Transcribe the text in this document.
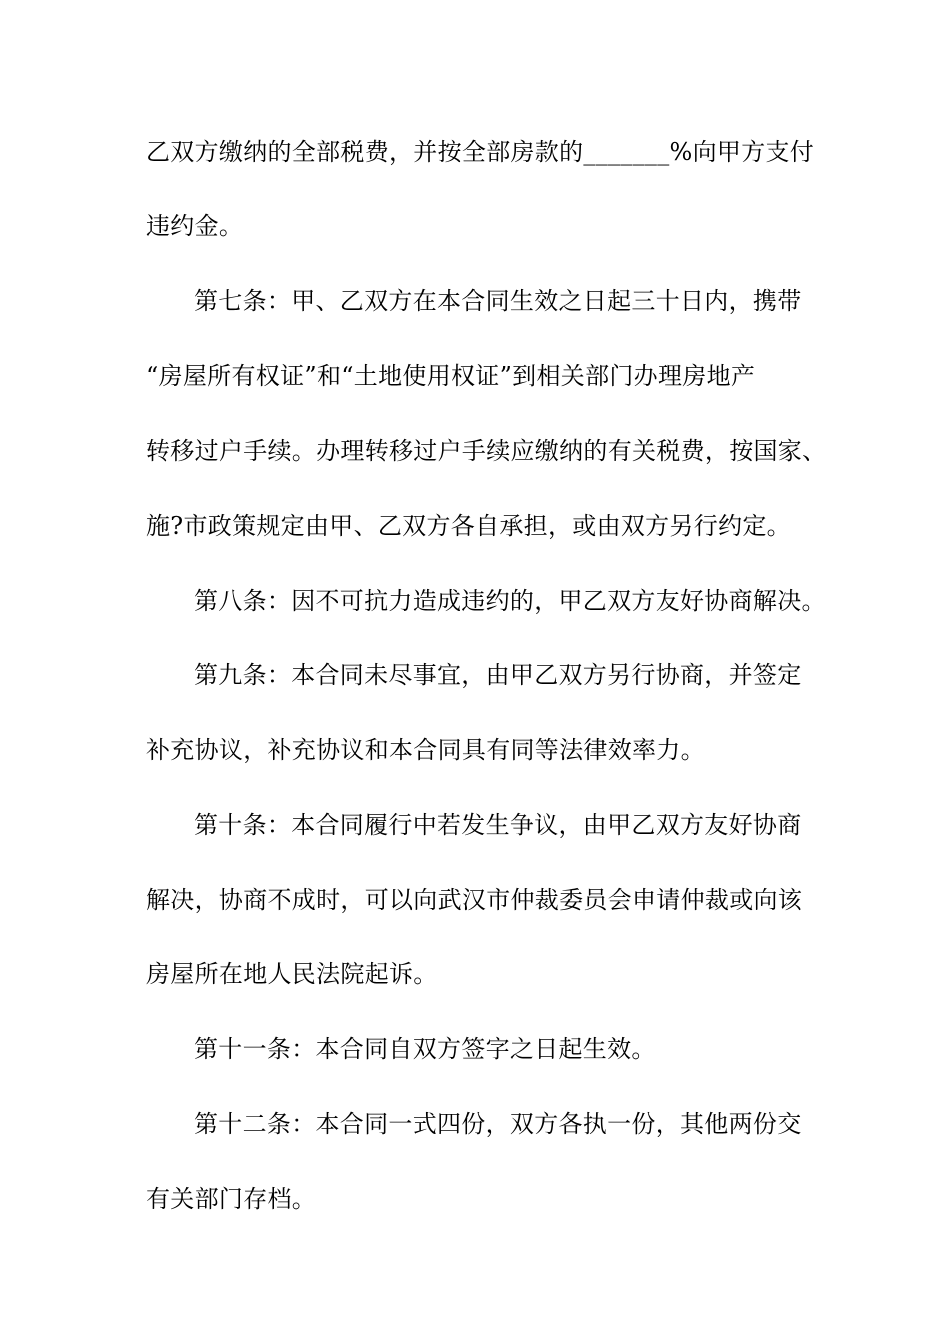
乙双方缴纳的全部税费，并按全部房款的_______%向甲方支付
违约金。
第七条：甲、乙双方在本合同生效之日起三十日内，携带
“房屋所有权证”和“土地使用权证”到相关部门办理房地产
转移过户手续。办理转移过户手续应缴纳的有关税费，按国家、
施?市政策规定由甲、乙双方各自承担，或由双方另行约定。
第八条：因不可抗力造成违约的，甲乙双方友好协商解决。
第九条：本合同未尽事宜，由甲乙双方另行协商，并签定
补充协议，补充协议和本合同具有同等法律效率力。
第十条：本合同履行中若发生争议，由甲乙双方友好协商
解决，协商不成时，可以向武汉市仲裁委员会申请仲裁或向该
房屋所在地人民法院起诉。
第十一条：本合同自双方签字之日起生效。
第十二条：本合同一式四份，双方各执一份，其他两份交
有关部门存档。
